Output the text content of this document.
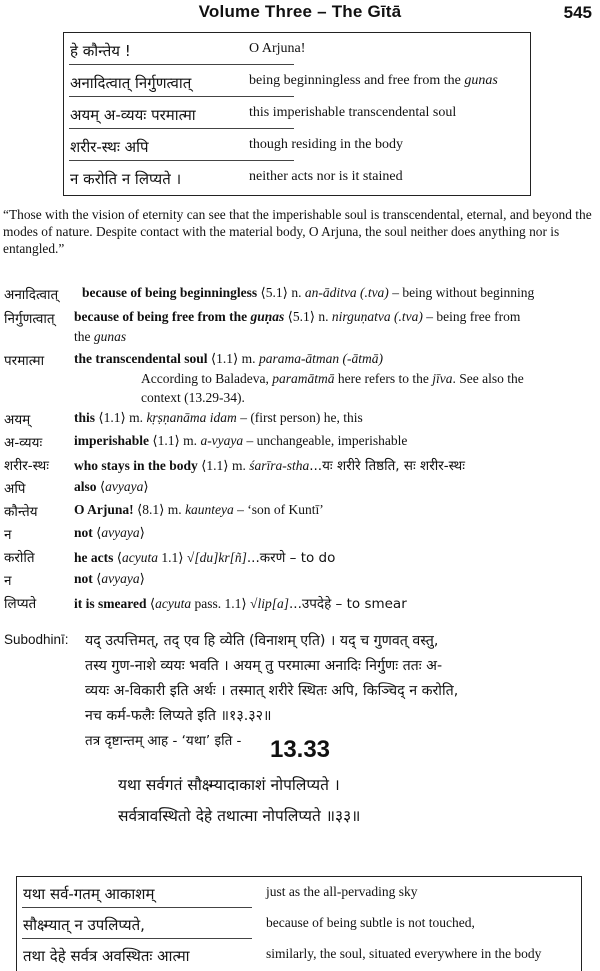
Volume Three – The Gītā	545
हे कौन्तेय !	O Arjuna!
अनादित्वात् निर्गुणत्वात्	being beginningless and free from the gunas
अयम् अ-व्ययः परमात्मा	this imperishable transcendental soul
शरीर-स्थः अपि	though residing in the body
न करोति न लिप्यते ।	neither acts nor is it stained
“Those with the vision of eternity can see that the imperishable soul is transcendental, eternal, and beyond the modes of nature. Despite contact with the material body, O Arjuna, the soul neither does anything nor is entangled.”
अनादित्वात् because of being beginningless ⟨5.1⟩ n. an-āditva (.tva) – being without beginning
निर्गुणत्वात् because of being free from the guṇas ⟨5.1⟩ n. nirguṇatva (.tva) – being free from
the gunas
परमात्मा the transcendental soul ⟨1.1⟩ m. parama-ātman (-ātmā)
According to Baladeva, paramātmā here refers to the jīva. See also the
context (13.29-34).
अयम्	this ⟨1.1⟩ m. kṛṣṇanāma idam – (first person) he, this
अ-व्ययः imperishable ⟨1.1⟩ m. a-vyaya – unchangeable, imperishable
शरीर-स्थः who stays in the body ⟨1.1⟩ m. śarīra-stha...यः शरीरे तिष्ठति, सः शरीर-स्थः
अपि	also ⟨avyaya⟩
कौन्तेय	O Arjuna! ⟨8.1⟩ m. kaunteya – ‘son of Kuntī’
न	not ⟨avyaya⟩
करोति	he acts ⟨acyuta 1.1⟩ √[du]kr[ñ]...करणे – to do
न	not ⟨avyaya⟩
लिप्यते	it is smeared ⟨acyuta pass. 1.1⟩ √lip[a]...उपदेहे – to smear
Subodhinī: यद् उत्पत्तिमत्, तद् एव हि व्येति (विनाशम् एति) । यद् च गुणवत् वस्तु,
तस्य गुण-नाशे व्ययः भवति । अयम् तु परमात्मा अनादिः निर्गुणः ततः अ-
व्ययः अ-विकारी इति अर्थः । तस्मात् शरीरे स्थितः अपि, किञ्चिद् न करोति,
नच कर्म-फलैः लिप्यते इति ॥१३.३२॥
तत्र दृष्टान्तम् आह - ‘यथा’ इति -	13.33
यथा सर्वगतं सौक्ष्म्यादाकाशं नोपलिप्यते ।
सर्वत्रावस्थितो देहे तथात्मा नोपलिप्यते ॥३३॥
यथा सर्व-गतम् आकाशम्	just as the all-pervading sky
सौक्ष्म्यात् न उपलिप्यते,	because of being subtle is not touched,
तथा देहे सर्वत्र अवस्थितः आत्मा	similarly, the soul, situated everywhere in the body
